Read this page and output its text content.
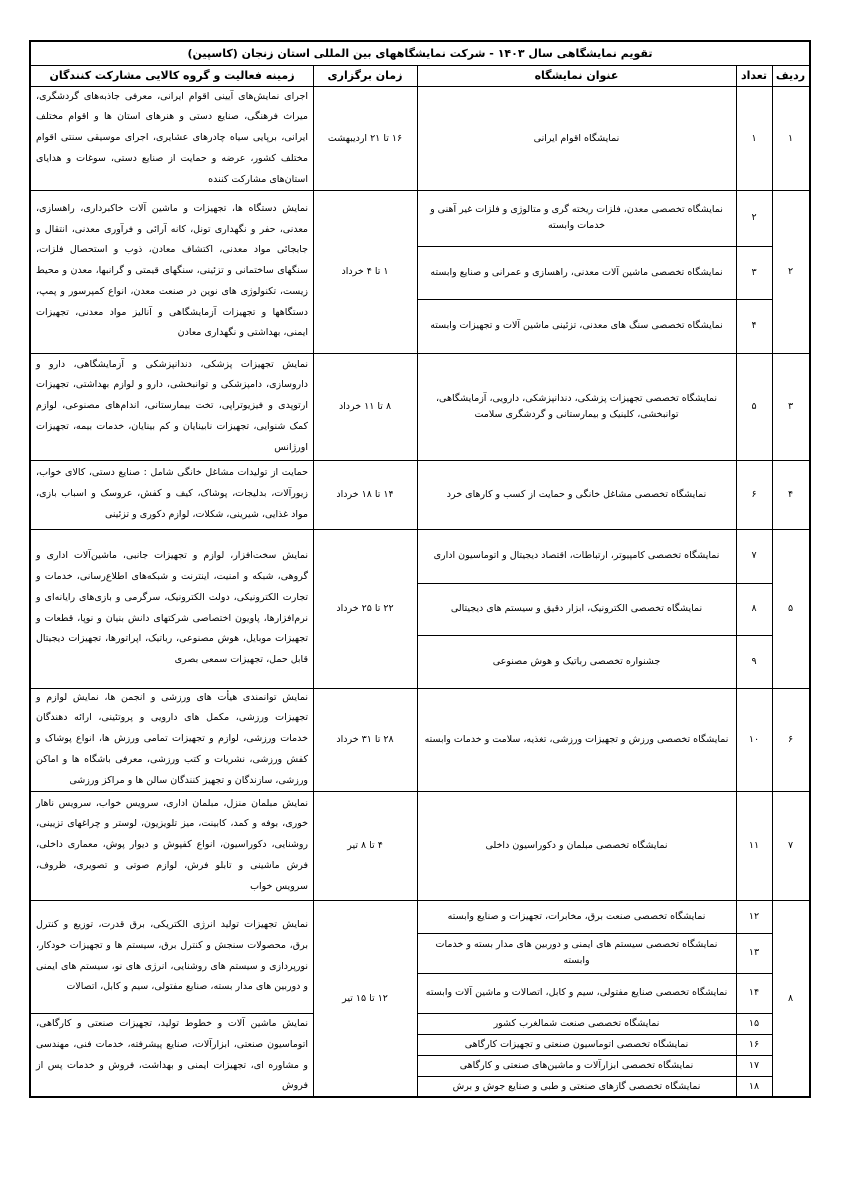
تقویم نمایشگاهی سال ۱۴۰۳ - شرکت نمایشگاههای بین المللی استان زنجان (کاسپین)
ردیف
تعداد
عنوان نمایشگاه
زمان برگزاری
زمینه فعالیت و گروه کالایی مشارکت کنندگان
۱
۱
نمایشگاه اقوام ایرانی
۱۶ تا ۲۱ اردیبهشت
اجرای نمایش‌های آیینی اقوام ایرانی، معرفی جاذبه‌های گردشگری، میراث فرهنگی، صنایع دستی و هنرهای استان ها و اقوام مختلف ایرانی، برپایی سیاه چادرهای عشایری، اجرای موسیقی سنتی اقوام مختلف کشور، عرضه و حمایت از صنایع دستی، سوغات و هدایای استان‌های مشارکت کننده
۲
۲
نمایشگاه تخصصی معدن، فلزات ریخته گری و متالوژی و فلزات غیر آهنی و خدمات وابسته
۳
نمایشگاه تخصصی ماشین آلات معدنی، راهسازی و عمرانی و صنایع وابسته
۴
نمایشگاه تخصصی سنگ های معدنی، تزئینی ماشین آلات و تجهیزات وابسته
۱ تا ۴ خرداد
نمایش دستگاه ها، تجهیزات و ماشین آلات خاکبرداری، راهسازی، معدنی، حفر و نگهداری تونل، کانه آرائی و فرآوری معدنی، انتقال و جابجائی مواد معدنی، اکتشاف معادن، ذوب و استحصال فلزات، سنگهای ساختمانی و تزئینی، سنگهای قیمتی و گرانبها، معدن و محیط زیست، تکنولوژی های نوین در صنعت معدن، انواع کمپرسور و پمپ، دستگاهها و تجهیزات آزمایشگاهی و آنالیز مواد معدنی، تجهیزات ایمنی، بهداشتی و نگهداری معادن
۳
۵
نمایشگاه تخصصی تجهیزات پزشکی، دندانپزشکی، دارویی، آزمایشگاهی، توانبخشی، کلینیک و بیمارستانی و گردشگری سلامت
۸ تا ۱۱ خرداد
نمایش تجهیزات پزشکی، دندانپزشکی و آزمایشگاهی، دارو و داروسازی، دامپزشکی و توانبخشی، دارو و لوازم بهداشتی، تجهیزات ارتوپدی و فیزیوتراپی، تخت بیمارستانی، اندام‌های مصنوعی، لوازم کمک شنوایی، تجهیزات نابینایان و کم بینایان، خدمات بیمه، تجهیزات اورژانس
۴
۶
نمایشگاه تخصصی مشاغل خانگی و حمایت از کسب و کارهای خرد
۱۴ تا ۱۸ خرداد
حمایت از تولیدات مشاغل خانگی شامل : صنایع دستی، کالای خواب، زیورآلات، بدلیجات، پوشاک، کیف و کفش، عروسک و اسباب بازی، مواد غذایی، شیرینی، شکلات، لوازم دکوری و تزئینی
۵
۷
نمایشگاه تخصصی کامپیوتر، ارتباطات، اقتصاد دیجیتال و اتوماسیون اداری
۸
نمایشگاه تخصصی الکترونیک، ابزار دقیق و سیستم های دیجیتالی
۹
جشنواره تخصصی رباتیک و هوش مصنوعی
۲۲ تا ۲۵ خرداد
نمایش سخت‌افزار، لوازم و تجهیزات جانبی، ماشین‌آلات اداری و گروهی، شبکه و امنیت، اینترنت و شبکه‌های اطلاع‌رسانی، خدمات و تجارت الکترونیکی، دولت الکترونیک، سرگرمی و بازی‌های رایانه‌ای و نرم‌افزارها، پاویون اختصاصی شرکتهای دانش بنیان و نوپا، قطعات و تجهیزات موبایل، هوش مصنوعی، رباتیک، اپراتورها، تجهیزات دیجیتال قابل حمل، تجهیزات سمعی بصری
۶
۱۰
نمایشگاه تخصصی ورزش و تجهیزات ورزشی، تغذیه، سلامت و خدمات وابسته
۲۸ تا ۳۱ خرداد
نمایش توانمندی هیأت های ورزشی و انجمن ها، نمایش لوازم و تجهیزات ورزشی، مکمل های دارویی و پروتئینی، ارائه دهندگان خدمات ورزشی، لوازم و تجهیزات تمامی ورزش ها، انواع پوشاک و کفش ورزشی، نشریات و کتب ورزشی، معرفی باشگاه ها و اماکن ورزشی، سازندگان و تجهیز کنندگان سالن ها و مراکز ورزشی
۷
۱۱
نمایشگاه تخصصی مبلمان و دکوراسیون داخلی
۴ تا ۸ تیر
نمایش مبلمان منزل، مبلمان اداری، سرویس خواب، سرویس ناهار خوری، بوفه و کمد، کابینت، میز تلویزیون، لوستر و چراغهای تزیینی، روشنایی، دکوراسیون، انواع کفپوش و دیوار پوش، معماری داخلی، فرش ماشینی و تابلو فرش، لوازم صوتی و تصویری، ظروف، سرویس خواب
۸
۱۲
نمایشگاه تخصصی صنعت برق، مخابرات، تجهیزات و صنایع وابسته
۱۳
نمایشگاه تخصصی سیستم های ایمنی و دوربین های مدار بسته و خدمات وابسته
۱۴
نمایشگاه تخصصی صنایع مفتولی، سیم و کابل، اتصالات و ماشین آلات وابسته
۱۵
نمایشگاه تخصصی صنعت شمالغرب کشور
۱۶
نمایشگاه تخصصی اتوماسیون صنعتی و تجهیزات کارگاهی
۱۷
نمایشگاه تخصصی ابزارآلات و ماشین‌های صنعتی و کارگاهی
۱۸
نمایشگاه تخصصی گازهای صنعتی و طبی و صنایع جوش و برش
۱۲ تا ۱۵ تیر
نمایش تجهیزات تولید انرژی الکتریکی، برق قدرت، توزیع و کنترل برق، محصولات سنجش و کنترل برق، سیستم ها و تجهیزات خودکار، نورپردازی و سیستم های روشنایی، انرژی های نو، سیستم های ایمنی و دوربین های مدار بسته، صنایع مفتولی، سیم و کابل، اتصالات
نمایش ماشین آلات و خطوط تولید، تجهیزات صنعتی و کارگاهی، اتوماسیون صنعتی، ابزارآلات، صنایع پیشرفته، خدمات فنی، مهندسی و مشاوره ای، تجهیزات ایمنی و بهداشت، فروش و خدمات پس از فروش
